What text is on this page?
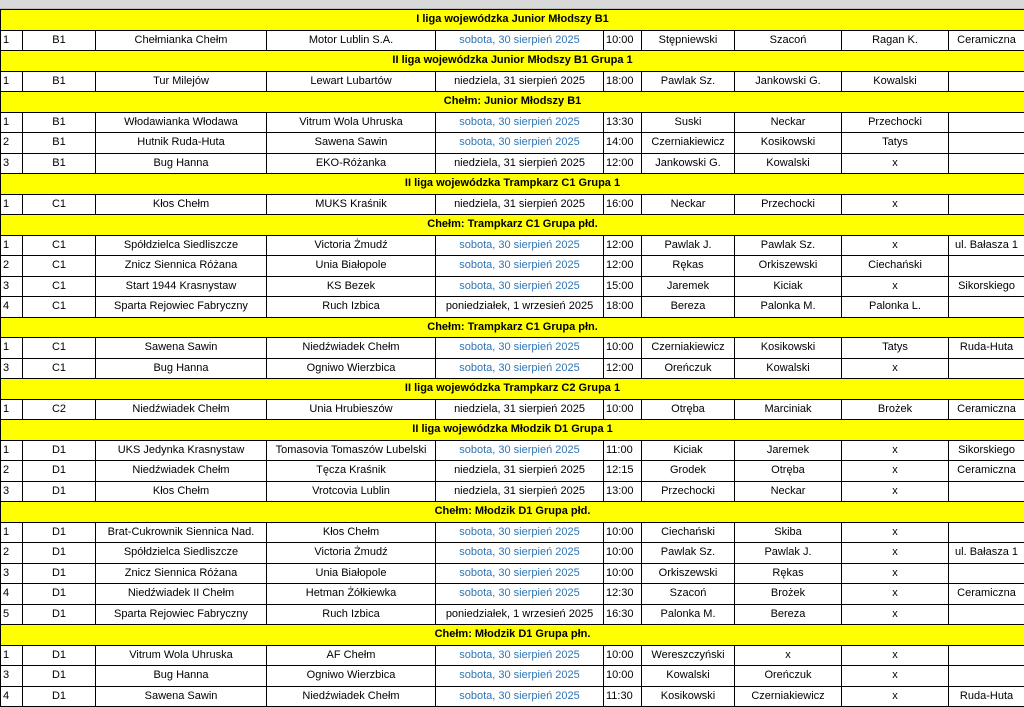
I liga wojewódzka Junior Młodszy B1									
1	B1	Chełmianka Chełm	Motor Lublin S.A.	sobota, 30 sierpień 2025	10:00	Stępniewski	Szacoń	Ragan K.	Ceramiczna
II liga wojewódzka Junior Młodszy B1 Grupa 1									
1	B1	Tur Milejów	Lewart Lubartów	niedziela, 31 sierpień 2025	18:00	Pawlak Sz.	Jankowski G.	Kowalski	
Chełm: Junior Młodszy B1									
1	B1	Włodawianka Włodawa	Vitrum Wola Uhruska	sobota, 30 sierpień 2025	13:30	Suski	Neckar	Przechocki	
2	B1	Hutnik Ruda-Huta	Sawena Sawin	sobota, 30 sierpień 2025	14:00	Czerniakiewicz	Kosikowski	Tatys	
3	B1	Bug Hanna	EKO-Różanka	niedziela, 31 sierpień 2025	12:00	Jankowski G.	Kowalski	x	
II liga wojewódzka Trampkarz C1 Grupa 1									
1	C1	Kłos Chełm	MUKS Kraśnik	niedziela, 31 sierpień 2025	16:00	Neckar	Przechocki	x	
Chełm: Trampkarz C1 Grupa płd.									
1	C1	Spółdzielca Siedliszcze	Victoria Żmudź	sobota, 30 sierpień 2025	12:00	Pawlak J.	Pawlak Sz.	x	ul. Bałasza 1
2	C1	Znicz Siennica Różana	Unia Białopole	sobota, 30 sierpień 2025	12:00	Rękas	Orkiszewski	Ciechański	
3	C1	Start 1944 Krasnystaw	KS Bezek	sobota, 30 sierpień 2025	15:00	Jaremek	Kiciak	x	Sikorskiego
4	C1	Sparta Rejowiec Fabryczny	Ruch Izbica	poniedziałek, 1 wrzesień 2025	18:00	Bereza	Palonka M.	Palonka L.	
Chełm: Trampkarz C1 Grupa płn.									
1	C1	Sawena Sawin	Niedźwiadek Chełm	sobota, 30 sierpień 2025	10:00	Czerniakiewicz	Kosikowski	Tatys	Ruda-Huta
3	C1	Bug Hanna	Ogniwo Wierzbica	sobota, 30 sierpień 2025	12:00	Oreńczuk	Kowalski	x	
II liga wojewódzka Trampkarz C2 Grupa 1									
1	C2	Niedźwiadek Chełm	Unia Hrubieszów	niedziela, 31 sierpień 2025	10:00	Otręba	Marciniak	Brożek	Ceramiczna
II liga wojewódzka Młodzik D1 Grupa 1									
1	D1	UKS Jedynka Krasnystaw	Tomasovia Tomaszów Lubelski	sobota, 30 sierpień 2025	11:00	Kiciak	Jaremek	x	Sikorskiego
2	D1	Niedźwiadek Chełm	Tęcza Kraśnik	niedziela, 31 sierpień 2025	12:15	Grodek	Otręba	x	Ceramiczna
3	D1	Kłos Chełm	Vrotcovia Lublin	niedziela, 31 sierpień 2025	13:00	Przechocki	Neckar	x	
Chełm: Młodzik D1 Grupa płd.									
1	D1	Brat-Cukrownik Siennica Nad.	Kłos Chełm	sobota, 30 sierpień 2025	10:00	Ciechański	Skiba	x	
2	D1	Spółdzielca Siedliszcze	Victoria Żmudź	sobota, 30 sierpień 2025	10:00	Pawlak Sz.	Pawlak J.	x	ul. Bałasza 1
3	D1	Znicz Siennica Różana	Unia Białopole	sobota, 30 sierpień 2025	10:00	Orkiszewski	Rękas	x	
4	D1	Niedźwiadek II Chełm	Hetman Żółkiewka	sobota, 30 sierpień 2025	12:30	Szacoń	Brożek	x	Ceramiczna
5	D1	Sparta Rejowiec Fabryczny	Ruch Izbica	poniedziałek, 1 wrzesień 2025	16:30	Palonka M.	Bereza	x	
Chełm: Młodzik D1 Grupa płn.									
1	D1	Vitrum Wola Uhruska	AF Chełm	sobota, 30 sierpień 2025	10:00	Wereszczyński	x	x	
3	D1	Bug Hanna	Ogniwo Wierzbica	sobota, 30 sierpień 2025	10:00	Kowalski	Oreńczuk	x	
4	D1	Sawena Sawin	Niedźwiadek Chełm	sobota, 30 sierpień 2025	11:30	Kosikowski	Czerniakiewicz	x	Ruda-Huta
